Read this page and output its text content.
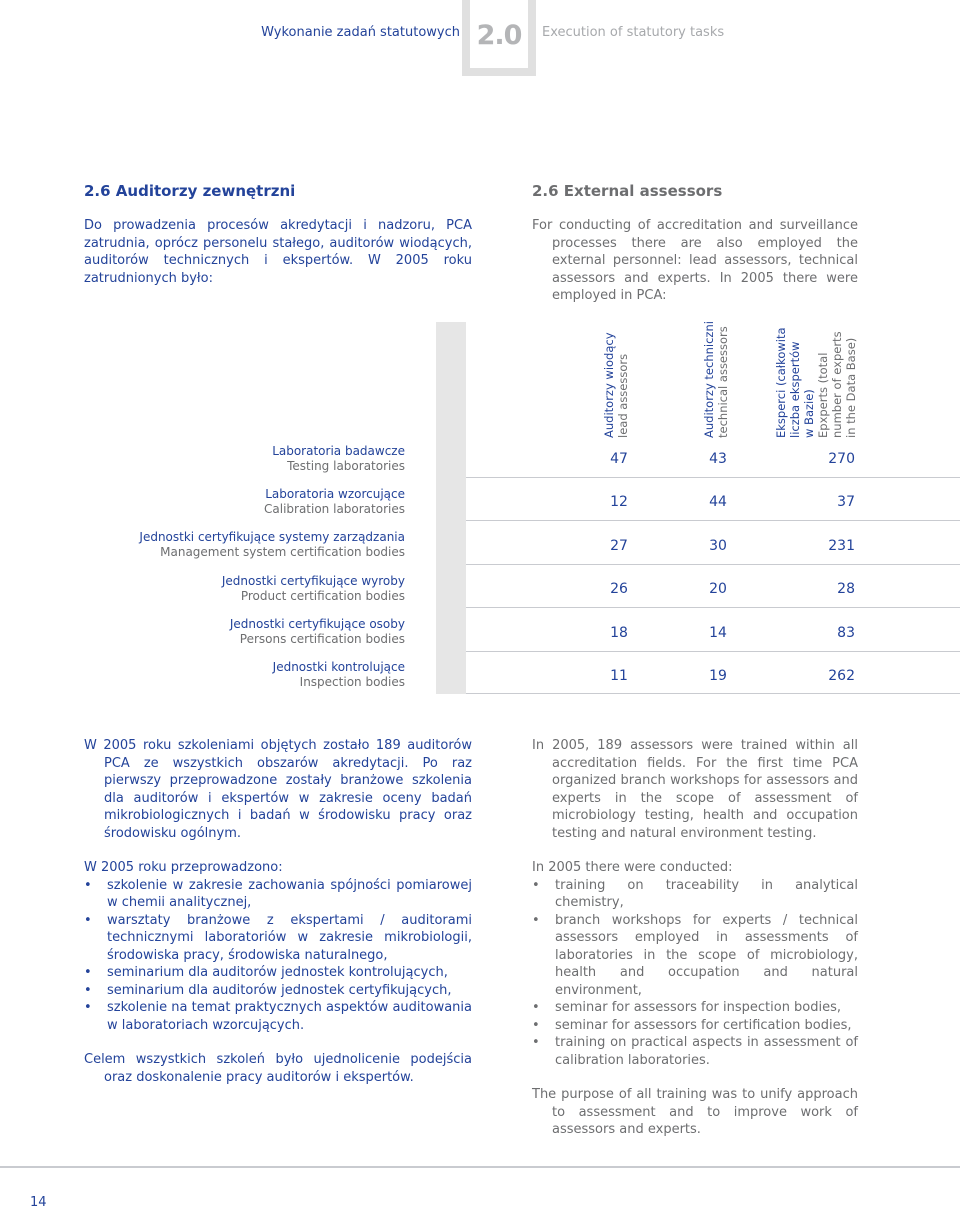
Wykonanie zadań statutowych 2.0	Execution of statutory tasks
2.6 Auditorzy zewnętrzni
Do prowadzenia procesów akredytacji i nadzoru, PCA zatrudnia, oprócz personelu stałego, auditorów wiodących, auditorów technicznych i ekspertów. W 2005 roku zatrudnionych było:
2.6 External assessors
For conducting of accreditation and surveillance processes there are also employed the external personnel: lead assessors, technical assessors and experts. In 2005 there were employed in PCA:
Auditorzy wiodący lead assessors	Auditorzy techniczni technical assessors	Eksperci (całkowita liczba ekspertów w Bazie) Epxperts (total number of experts in the Data Base)
Laboratoria badawcze
Testing laboratories	47	43	270
Laboratoria wzorcujące
Calibration laboratories	12	44	37
Jednostki certyfikujące systemy zarządzania
Management system certification bodies	27	30	231
Jednostki certyfikujące wyroby
Product certification bodies	26	20	28
Jednostki certyfikujące osoby
Persons certification bodies	18	14	83
Jednostki kontrolujące
Inspection bodies	11	19	262
W 2005 roku szkoleniami objętych zostało 189 auditorów PCA ze wszystkich obszarów akredytacji. Po raz pierwszy przeprowadzone zostały branżowe szkolenia dla auditorów i ekspertów w zakresie oceny badań mikrobiologicznych i badań w środowisku pracy oraz środowisku ogólnym.
W 2005 roku przeprowadzono:
• szkolenie w zakresie zachowania spójności pomiarowej w chemii analitycznej,
• warsztaty branżowe z ekspertami / auditorami technicznymi laboratoriów w zakresie mikrobiologii, środowiska pracy, środowiska naturalnego,
• seminarium dla auditorów jednostek kontrolujących,
• seminarium dla auditorów jednostek certyfikujących,
• szkolenie na temat praktycznych aspektów auditowania w laboratoriach wzorcujących.
Celem wszystkich szkoleń było ujednolicenie podejścia oraz doskonalenie pracy auditorów i ekspertów.
In 2005, 189 assessors were trained within all accreditation fields. For the first time PCA organized branch workshops for assessors and experts in the scope of assessment of microbiology testing, health and occupation testing and natural environment testing.
In 2005 there were conducted:
• training on traceability in analytical chemistry,
• branch workshops for experts / technical assessors employed in assessments of laboratories in the scope of microbiology, health and occupation and natural environment,
• seminar for assessors for inspection bodies,
• seminar for assessors for certification bodies,
• training on practical aspects in assessment of calibration laboratories.
The purpose of all training was to unify approach to assessment and to improve work of assessors and experts.
14
